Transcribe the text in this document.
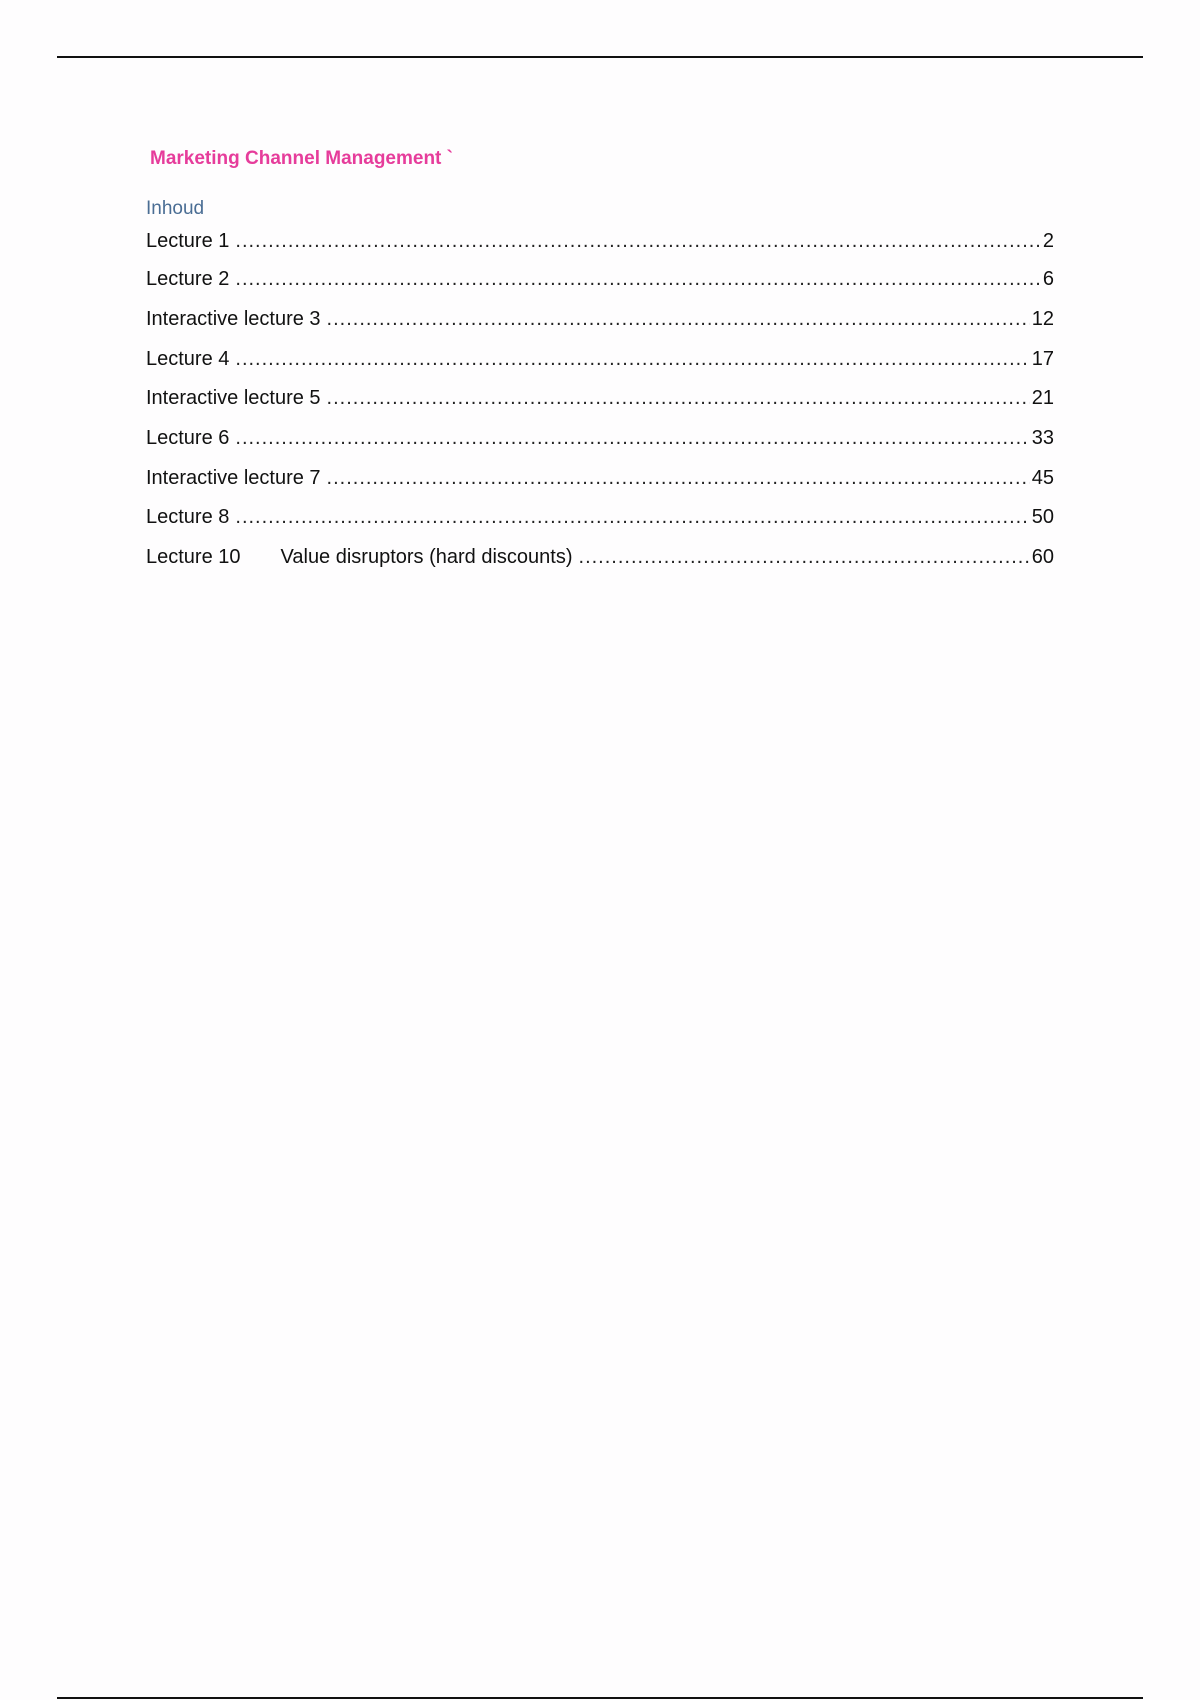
Marketing Channel Management `
Inhoud
Lecture 1 .....	2
Lecture 2 .....	6
Interactive lecture 3 .....	12
Lecture 4 .....	17
Interactive lecture 5 .....	21
Lecture 6 .....	33
Interactive lecture 7 .....	45
Lecture 8 .....	50
Lecture 10 Value disruptors (hard discounts) .....	60
